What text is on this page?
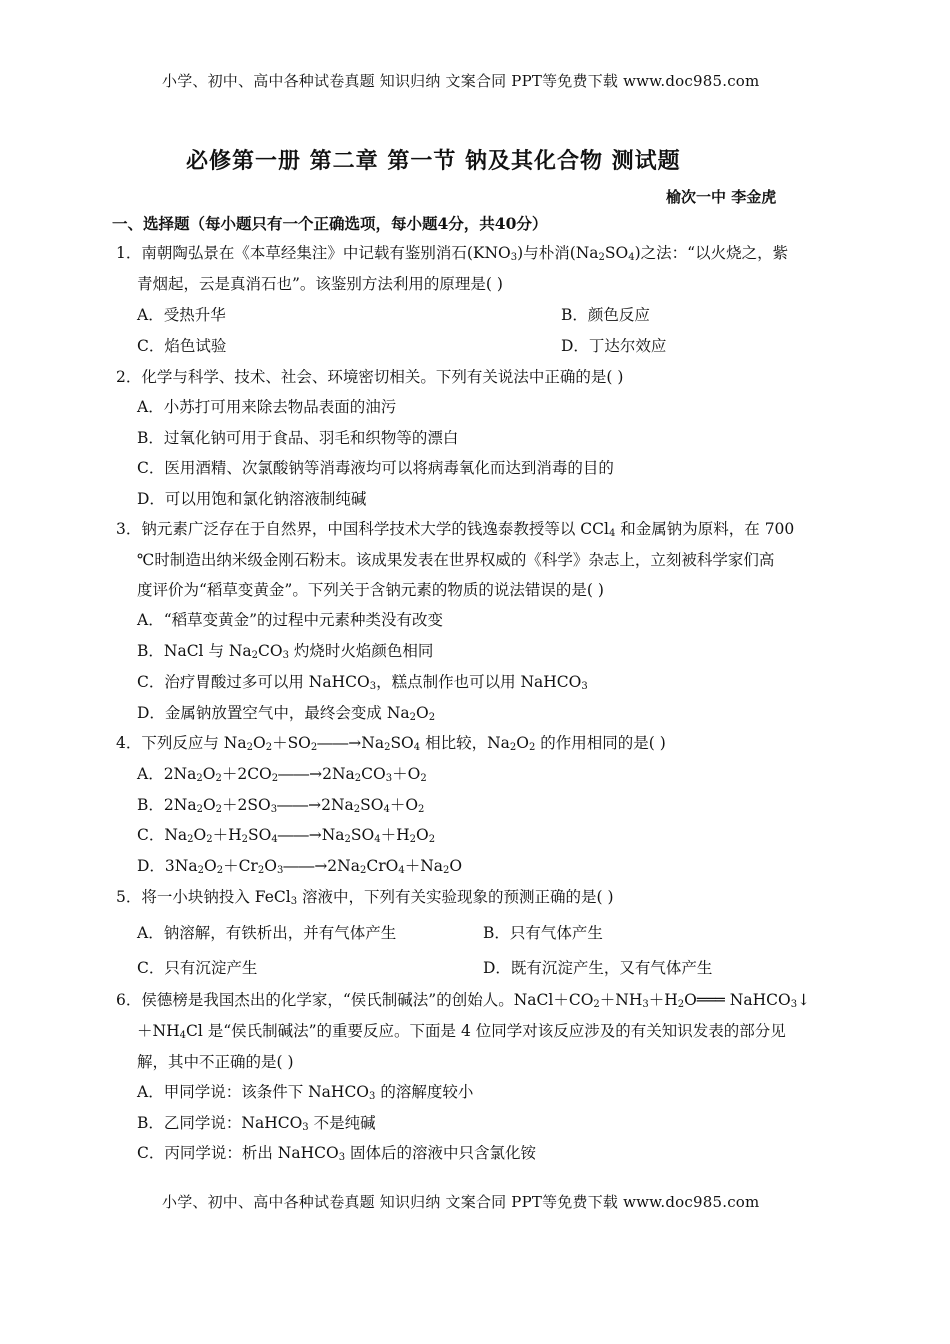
小学、初中、高中各种试卷真题 知识归纳 文案合同 PPT等免费下载 www.doc985.com
必修第一册 第二章 第一节 钠及其化合物 测试题
榆次一中 李金虎
一、选择题（每小题只有一个正确选项，每小题4分，共40分）
1．南朝陶弘景在《本草经集注》中记载有鉴别消石$(KNO_3)$与朴消$(Na_2SO_4)$之法：“以火烧之，紫
青烟起，云是真消石也”。该鉴别方法利用的原理是( )
A．受热升华	B．颜色反应
C．焰色试验	D．丁达尔效应
2．化学与科学、技术、社会、环境密切相关。下列有关说法中正确的是( )
A．小苏打可用来除去物品表面的油污
B．过氧化钠可用于食品、羽毛和织物等的漂白
C．医用酒精、次氯酸钠等消毒液均可以将病毒氧化而达到消毒的目的
D．可以用饱和氯化钠溶液制纯碱
3．钠元素广泛存在于自然界，中国科学技术大学的钱逸泰教授等以 CCl$_4$ 和金属钠为原料，在 700
℃时制造出纳米级金刚石粉末。该成果发表在世界权威的《科学》杂志上，立刻被科学家们高
度评价为“稻草变黄金”。下列关于含钠元素的物质的说法错误的是( )
A．“稻草变黄金”的过程中元素种类没有改变
B．NaCl 与 $Na_2CO_3$ 灼烧时火焰颜色相同
C．治疗胃酸过多可以用 NaHCO$_3$，糕点制作也可以用 NaHCO$_3$
D．金属钠放置空气中，最终会变成 $Na_2O_2$
4．下列反应与 $Na_2O_2+SO_2――\to Na_2SO_4$ 相比较，$Na_2O_2$ 的作用相同的是( )
A．$2Na_2O_2+2CO_2――\to 2Na_2CO_3+O_2$
B．$2Na_2O_2+2SO_3――\to 2Na_2SO_4+O_2$
C．$Na_2O_2+H_2SO_4――\to Na_2SO_4+H_2O_2$
D．$3Na_2O_2+Cr_2O_3――\to 2Na_2CrO_4+Na_2O$
5．将一小块钠投入 FeCl$_3$ 溶液中，下列有关实验现象的预测正确的是( )
A．钠溶解，有铁析出，并有气体产生	B．只有气体产生
C．只有沉淀产生	D．既有沉淀产生，又有气体产生
6．侯德榜是我国杰出的化学家，“侯氏制碱法”的创始人。$NaCl+CO_2+NH_3+H_2O═══$ NaHCO$_3$↓
$+NH_4Cl$ 是“侯氏制碱法”的重要反应。下面是 4 位同学对该反应涉及的有关知识发表的部分见
解，其中不正确的是( )
A．甲同学说：该条件下 NaHCO$_3$ 的溶解度较小
B．乙同学说：NaHCO$_3$ 不是纯碱
C．丙同学说：析出 NaHCO$_3$ 固体后的溶液中只含氯化铵
小学、初中、高中各种试卷真题 知识归纳 文案合同 PPT等免费下载 www.doc985.com
